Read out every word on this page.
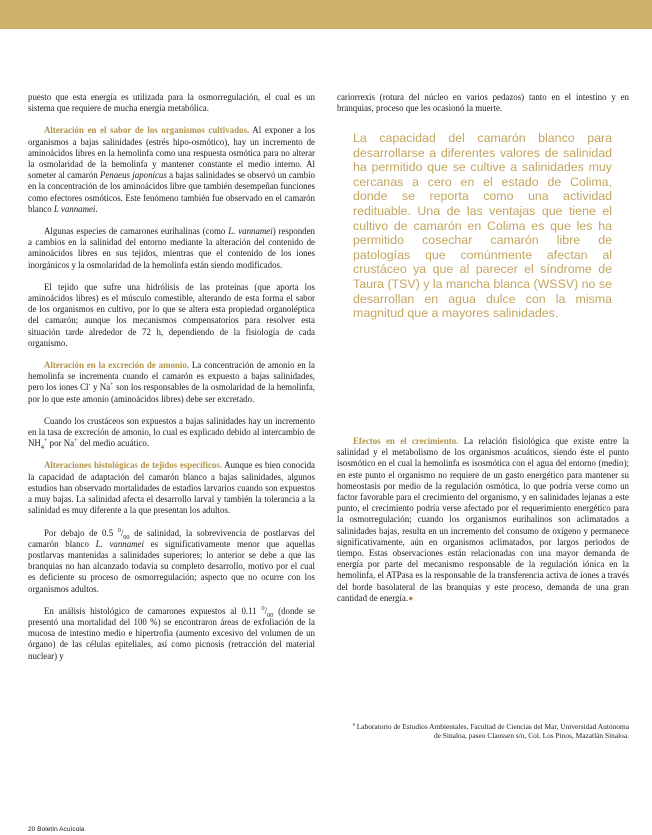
puesto que esta energía es utilizada para la osmorregulación, el cual es un sistema que requiere de mucha energía metabólica.

Alteración en el sabor de los organismos cultivados. Al exponer a los organismos a bajas salinidades (estrés hipo-osmótico), hay un incremento de aminoácidos libres en la hemolinfa como una respuesta osmótica para no alterar la osmolaridad de la hemolinfa y mantener constante el medio interno. Al someter al camarón Penaeus japonicus a bajas salinidades se observó un cambio en la concentración de los aminoácidos libre que también desempeñan funciones como efectores osmóticos. Este fenómeno también fue observado en el camarón blanco L vannamei.

Algunas especies de camarones eurihalinas (como L. vannamei) responden a cambios en la salinidad del entorno mediante la alteración del contenido de aminoácidos libres en sus tejidos, mientras que el contenido de los iones inorgánicos y la osmolaridad de la hemolinfa están siendo modificados.

El tejido que sufre una hidrólisis de las proteínas (que aporta los aminoácidos libres) es el músculo comestible, alterando de esta forma el sabor de los organismos en cultivo, por lo que se altera esta propiedad organoléptica del camarón; aunque los mecanismos compensatorios para resolver esta situación tarde alrededor de 72 h, dependiendo de la fisiología de cada organismo.

Alteración en la excreción de amonio. La concentración de amonio en la hemolinfa se incrementa cuando el camarón es expuesto a bajas salinidades, pero los iones Cl- y Na+ son los responsables de la osmolaridad de la hemolinfa, por lo que este amonio (aminoácidos libres) debe ser excretado.

Cuando los crustáceos son expuestos a bajas salinidades hay un incremento en la tasa de excreción de amonio, lo cual es explicado debido al intercambio de $NH_4^+$ por Na+ del medio acuático.

Alteraciones histológicas de tejidos específicos. Aunque es bien conocida la capacidad de adaptación del camarón blanco a bajas salinidades, algunos estudios han observado mortalidades de estadios larvarios cuando son expuestos a muy bajas. La salinidad afecta el desarrollo larval y también la tolerancia a la salinidad es muy diferente a la que presentan los adultos.

Por debajo de 0.5 $^0/_{00}$ de salinidad, la sobrevivencia de postlarvas del camarón blanco L. vannamei es significativamente menor que aquellas postlarvas mantenidas a salinidades superiores; lo anterior se debe a que las branquias no han alcanzado todavía su completo desarrollo, motivo por el cual es deficiente su proceso de osmorregulación; aspecto que no ocurre con los organismos adultos.

En análisis histológico de camarones expuestos al 0.11 $^0/_{00}$ (donde se presentó una mortalidad del 100 %) se encontraron áreas de exfoliación de la mucosa de intestino medio e hipertrofia (aumento excesivo del volumen de un órgano) de las células epiteliales, así como picnosis (retracción del material nuclear) y

cariorrexis (rotura del núcleo en varios pedazos) tanto en el intestino y en branquias, proceso que les ocasionó la muerte.

La capacidad del camarón blanco para desarrollarse a diferentes valores de salinidad ha permitido que se cultive a salinidades muy cercanas a cero en el estado de Colima, donde se reporta como una actividad redituable. Una de las ventajas que tiene el cultivo de camarón en Colima es que les ha permitido cosechar camarón libre de patologías que comúnmente afectan al crustáceo ya que al parecer el síndrome de Taura (TSV) y la mancha blanca (WSSV) no se desarrollan en agua dulce con la misma magnitud que a mayores salinidades.

Efectos en el crecimiento. La relación fisiológica que existe entre la salinidad y el metabolismo de los organismos acuáticos, siendo éste el punto isosmótico en el cual la hemolinfa es isosmótica con el agua del entorno (medio); en este punto el organismo no requiere de un gasto energético para mantener su homeostasis por medio de la regulación osmótica, lo que podría verse como un factor favorable para el crecimiento del organismo, y en salinidades lejanas a este punto, el crecimiento podría verse afectado por el requerimiento energético para la osmorregulación; cuando los organismos eurihalinos son aclimatados a salinidades bajas, resulta en un incremento del consumo de oxígeno y permanece significativamente, aún en organismos aclimatados, por largos periodos de tiempo. Estas observaciones están relacionadas con una mayor demanda de energía por parte del mecanismo responsable de la regulación iónica en la hemolinfa, el ATPasa es la responsable de la transferencia activa de iones a través del borde basolateral de las branquias y este proceso, demanda de una gran cantidad de energía.●

$^a$ Laboratorio de Estudios Ambientales, Facultad de Ciencias del Mar, Universidad Autónoma de Sinaloa, paseo Claussen s/n, Col. Los Pinos, Mazatlán Sinaloa.
20 Boletín Acuícola
